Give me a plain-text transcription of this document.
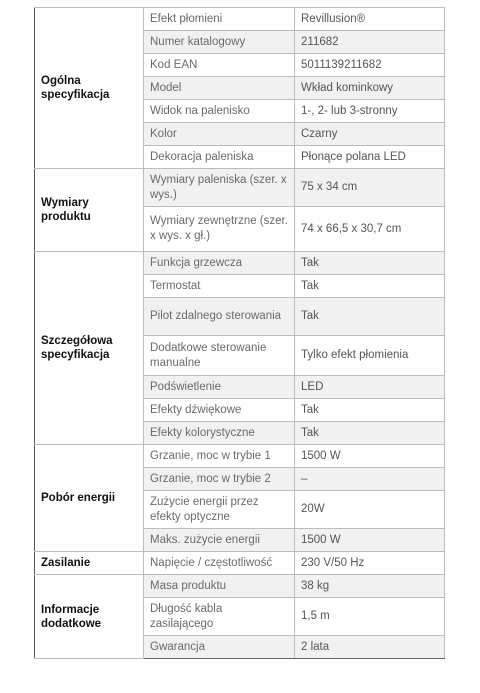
Ogólna specyfikacja	Efekt płomieni	Revillusion®
	Numer katalogowy	211682
	Kod EAN	5011139211682
	Model	Wkład kominkowy
	Widok na palenisko	1-, 2- lub 3-stronny
	Kolor	Czarny
	Dekoracja paleniska	Płonące polana LED
Wymiary produktu	Wymiary paleniska (szer. x wys.)	75 x 34 cm
	Wymiary zewnętrzne (szer. x wys. x gł.)	74 x 66,5 x 30,7 cm
Szczegółowa specyfikacja	Funkcja grzewcza	Tak
	Termostat	Tak
	Pilot zdalnego sterowania	Tak
	Dodatkowe sterowanie manualne	Tylko efekt płomienia
	Podświetlenie	LED
	Efekty dźwiękowe	Tak
	Efekty kolorystyczne	Tak
Pobór energii	Grzanie, moc w trybie 1	1500 W
	Grzanie, moc w trybie 2	–
	Zużycie energii przez efekty optyczne	20W
	Maks. zużycie energii	1500 W
Zasilanie	Napięcie / częstotliwość	230 V/50 Hz
Informacje dodatkowe	Masa produktu	38 kg
	Długość kabla zasilającego	1,5 m
	Gwarancja	2 lata
